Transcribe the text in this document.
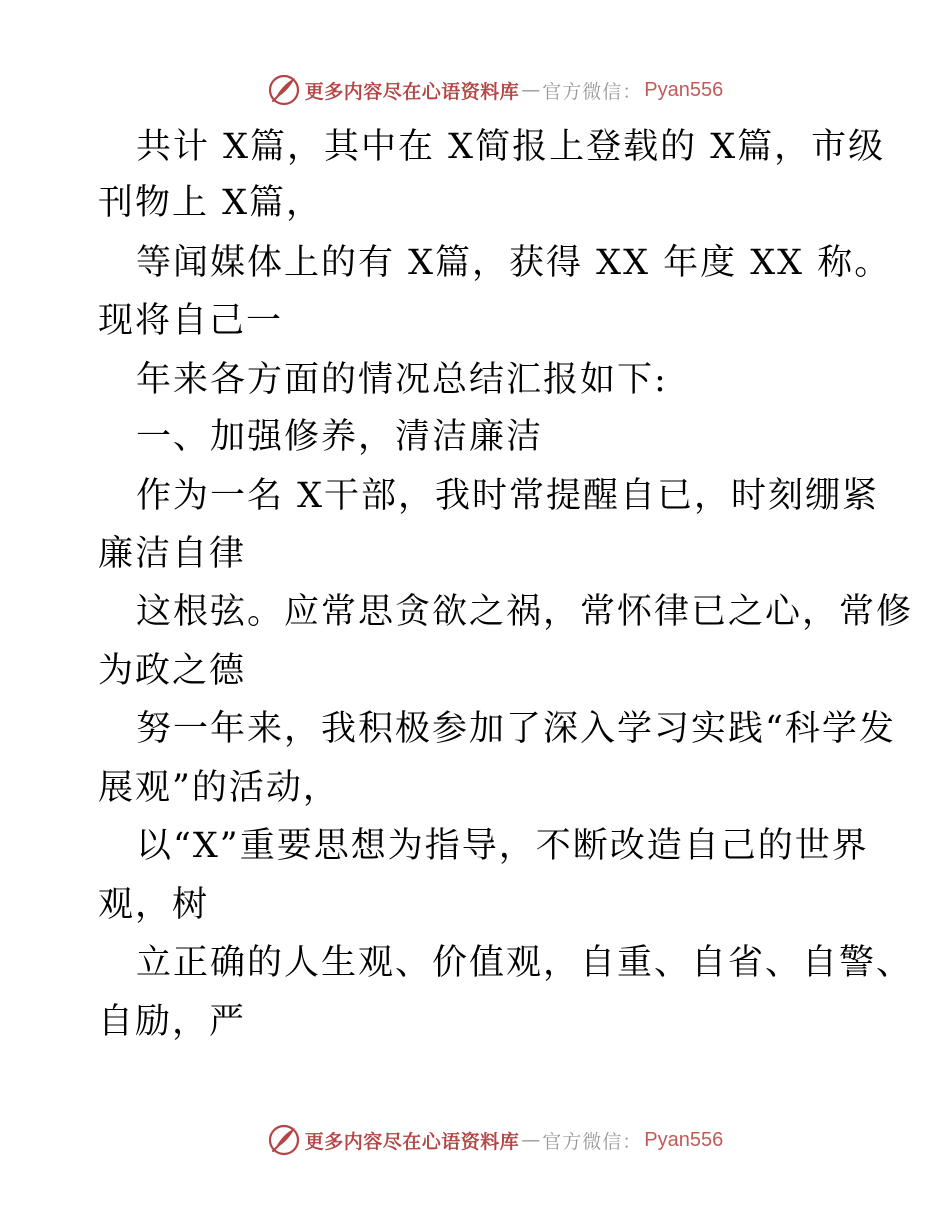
更多内容尽在心语资料库 — 官方微信： Pyan556
共计 X篇，其中在 X简报上登载的 X篇，市级
刊物上 X篇，
等闻媒体上的有 X篇，获得 XX 年度 XX 称。
现将自己一
年来各方面的情况总结汇报如下:
一、加强修养，清洁廉洁
作为一名 X干部，我时常提醒自已，时刻绷紧
廉洁自律
这根弦。应常思贪欲之祸，常怀律已之心，常修
为政之德
努一年来，我积极参加了深入学习实践“科学发
展观”的活动，
以“X”重要思想为指导，不断改造自己的世界
观，树
立正确的人生观、价值观，自重、自省、自警、
自励，严
更多内容尽在心语资料库 — 官方微信： Pyan556
